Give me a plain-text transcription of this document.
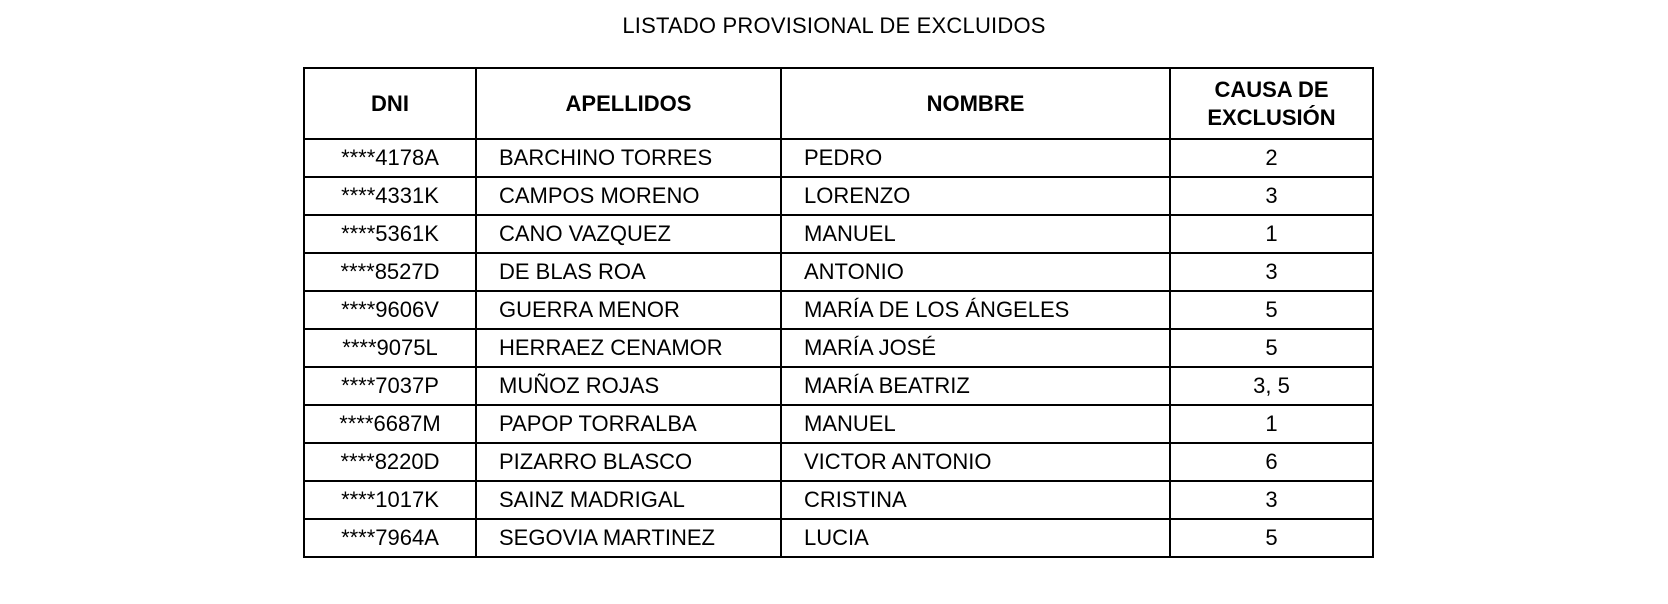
LISTADO PROVISIONAL DE EXCLUIDOS
DNI	APELLIDOS	NOMBRE	CAUSA DE
EXCLUSIÓN

****4178A	BARCHINO TORRES	PEDRO	2
****4331K	CAMPOS MORENO	LORENZO	3
****5361K	CANO VAZQUEZ	MANUEL	1
****8527D	DE BLAS ROA	ANTONIO	3
****9606V	GUERRA MENOR	MARÍA DE LOS ÁNGELES	5
****9075L	HERRAEZ CENAMOR	MARÍA JOSÉ	5
****7037P	MUÑOZ ROJAS	MARÍA BEATRIZ	3, 5
****6687M	PAPOP TORRALBA	MANUEL	1
****8220D	PIZARRO BLASCO	VICTOR ANTONIO	6
****1017K	SAINZ MADRIGAL	CRISTINA	3
****7964A	SEGOVIA MARTINEZ	LUCIA	5
